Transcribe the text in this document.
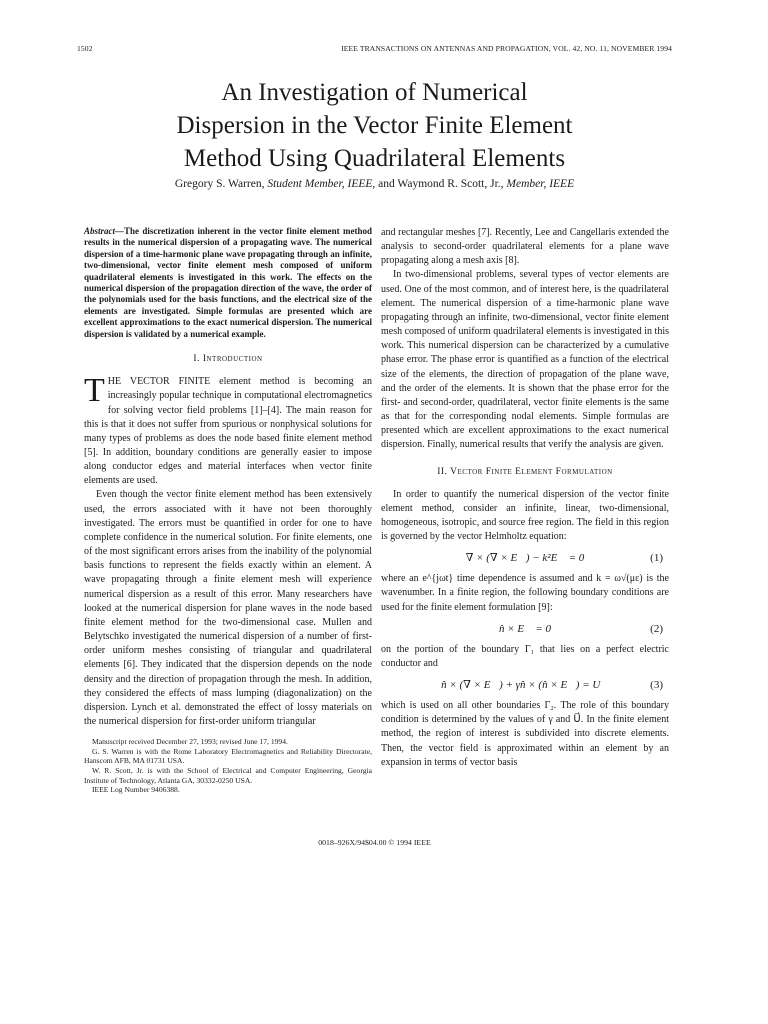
1502	IEEE TRANSACTIONS ON ANTENNAS AND PROPAGATION, VOL. 42, NO. 11, NOVEMBER 1994
An Investigation of Numerical
Dispersion in the Vector Finite Element
Method Using Quadrilateral Elements
Gregory S. Warren, Student Member, IEEE, and Waymond R. Scott, Jr., Member, IEEE

Abstract—The discretization inherent in the vector finite element method results in the numerical dispersion of a propagating wave. The numerical dispersion of a time-harmonic plane wave propagating through an infinite, two-dimensional, vector finite element mesh composed of uniform quadrilateral elements is investigated in this work. The effects on the numerical dispersion of the propagation direction of the wave, the order of the polynomials used for the basis functions, and the electrical size of the elements are investigated. Simple formulas are presented which are excellent approximations to the exact numerical dispersion. The numerical dispersion is validated by a numerical example.

I. Introduction

THE VECTOR FINITE element method is becoming an increasingly popular technique in computational electromagnetics for solving vector field problems [1]–[4]. The main reason for this is that it does not suffer from spurious or nonphysical solutions for many types of problems as does the node based finite element method [5]. In addition, boundary conditions are generally easier to impose along conductor edges and material interfaces when vector finite elements are used.

Even though the vector finite element method has been extensively used, the errors associated with it have not been thoroughly investigated. The errors must be quantified in order for one to have complete confidence in the numerical solution. For finite elements, one of the most significant errors arises from the inability of the polynomial basis functions to represent the fields exactly within an element. A wave propagating through a finite element mesh will experience numerical dispersion as a result of this error. Many researchers have looked at the numerical dispersion for plane waves in the node based finite element method for the two-dimensional case. Mullen and Belytschko investigated the numerical dispersion of a number of first-order uniform meshes consisting of triangular and quadrilateral elements [6]. They indicated that the dispersion depends on the node density and the direction of propagation through the mesh. In addition, they considered the effects of mass lumping (diagonalization) on the dispersion. Lynch et al. demonstrated the effect of lossy materials on the numerical dispersion for first-order uniform triangular

Manuscript received December 27, 1993; revised June 17, 1994.

G. S. Warren is with the Rome Laboratory Electromagnetics and Reliability Directorate, Hanscom AFB, MA 01731 USA.

W. R. Scott, Jr. is with the School of Electrical and Computer Engineering, Georgia Institute of Technology, Atlanta GA, 30332-0250 USA.

IEEE Log Number 9406388.

and rectangular meshes [7]. Recently, Lee and Cangellaris extended the analysis to second-order quadrilateral elements for a plane wave propagating along a mesh axis [8].

In two-dimensional problems, several types of vector elements are used. One of the most common, and of interest here, is the quadrilateral element. The numerical dispersion of a time-harmonic plane wave propagating through an infinite, two-dimensional, vector finite element mesh composed of uniform quadrilateral elements is investigated in this work. This numerical dispersion can be characterized by a cumulative phase error. The phase error is quantified as a function of the electrical size of the elements, the direction of propagation of the plane wave, and the order of the elements. It is shown that the phase error for the first- and second-order, quadrilateral, vector finite elements is the same as that for the corresponding nodal elements. Simple formulas are presented which are excellent approximations to the exact numerical dispersion. Finally, numerical results that verify the analysis are given.

II. Vector Finite Element Formulation

In order to quantify the numerical dispersion of the vector finite element method, consider an infinite, linear, two-dimensional, homogeneous, isotropic, and source free region. The field in this region is governed by the vector Helmholtz equation:

∇ × (∇ × E⃗) − k²E⃗ = 0	(1)

where an e^{jωt} time dependence is assumed and k = ω√(με) is the wavenumber. In a finite region, the following boundary conditions are used for the finite element formulation [9]:

n̂ × E⃗ = 0	(2)

on the portion of the boundary Γ₁ that lies on a perfect electric conductor and

n̂ × (∇ × E⃗) + γn̂ × (n̂ × E⃗) = U⃗	(3)

which is used on all other boundaries Γ₂. The role of this boundary condition is determined by the values of γ and U⃗. In the finite element method, the region of interest is subdivided into discrete elements. Then, the vector field is approximated within an element by an expansion in terms of vector basis

0018–926X/94$04.00 © 1994 IEEE
